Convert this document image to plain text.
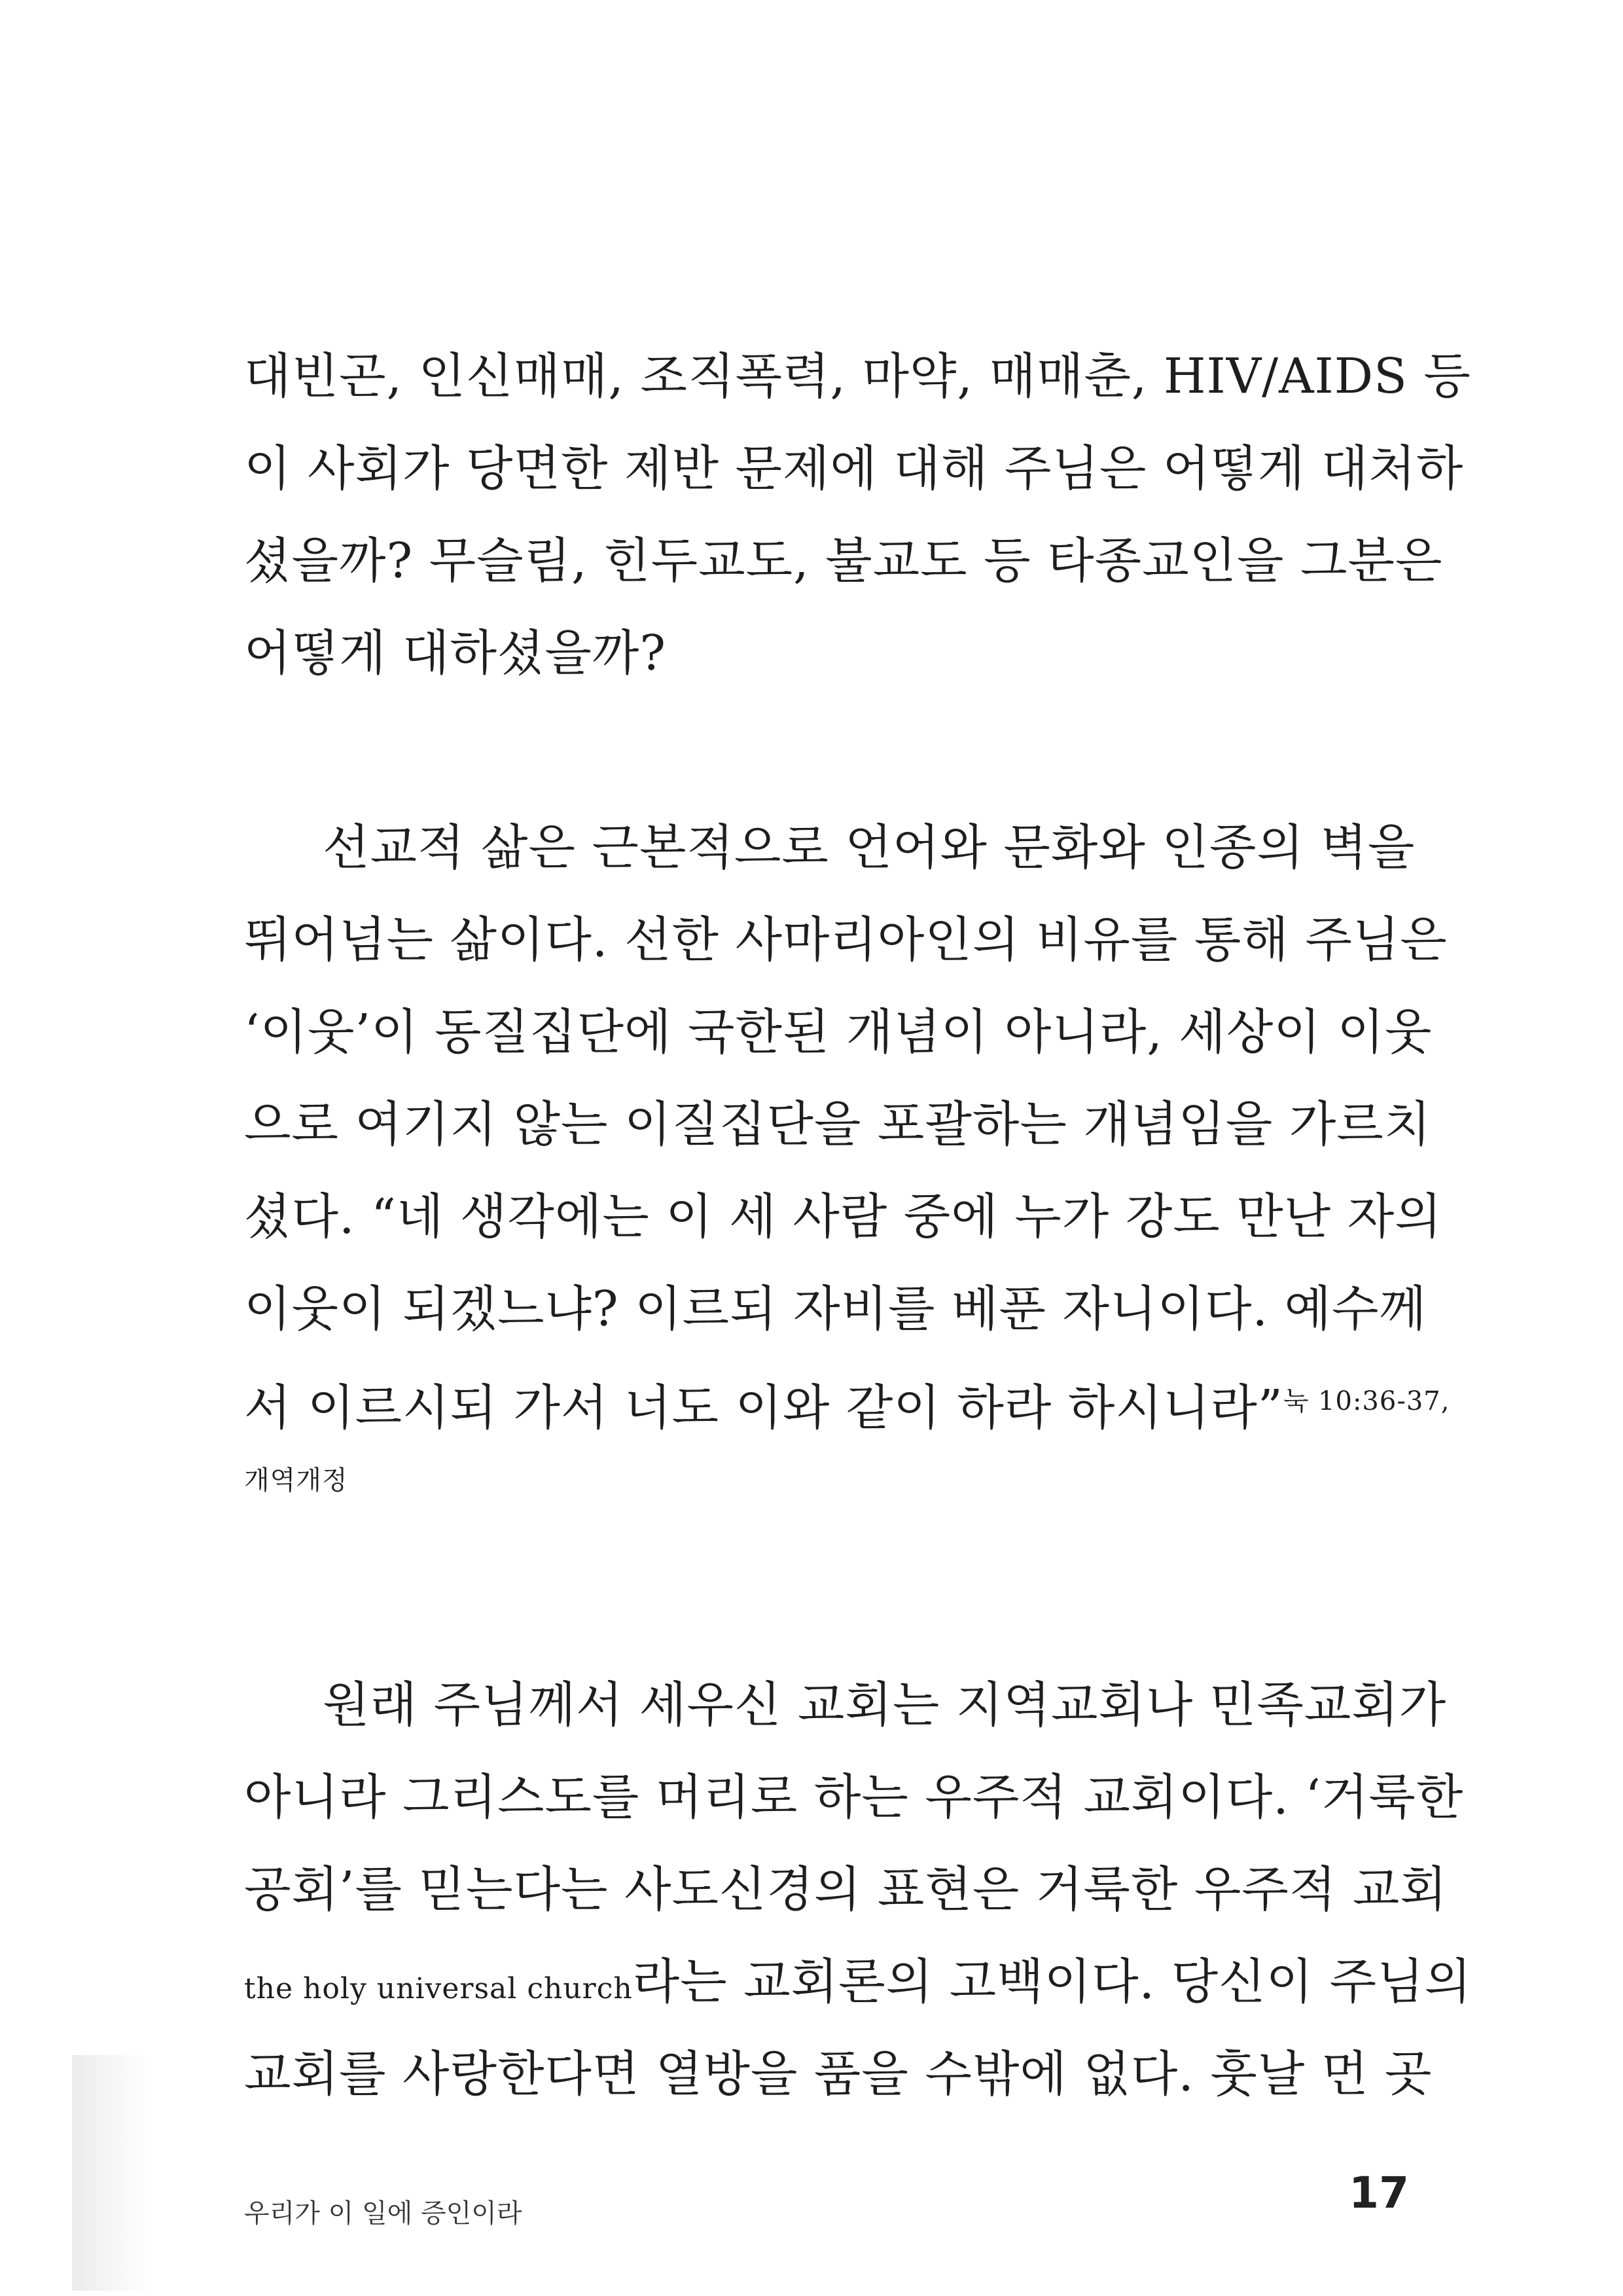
대빈곤, 인신매매, 조직폭력, 마약, 매매춘, HIV/AIDS 등
이 사회가 당면한 제반 문제에 대해 주님은 어떻게 대처하
셨을까? 무슬림, 힌두교도, 불교도 등 타종교인을 그분은
어떻게 대하셨을까?
선교적 삶은 근본적으로 언어와 문화와 인종의 벽을
뛰어넘는 삶이다. 선한 사마리아인의 비유를 통해 주님은
‘이웃’이 동질집단에 국한된 개념이 아니라, 세상이 이웃
으로 여기지 않는 이질집단을 포괄하는 개념임을 가르치
셨다. “네 생각에는 이 세 사람 중에 누가 강도 만난 자의
이웃이 되겠느냐? 이르되 자비를 베푼 자니이다. 예수께
서 이르시되 가서 너도 이와 같이 하라 하시니라”$^{눅 10:36-37,}$
개역개정
원래 주님께서 세우신 교회는 지역교회나 민족교회가
아니라 그리스도를 머리로 하는 우주적 교회이다. ‘거룩한
공회’를 믿는다는 사도신경의 표현은 거룩한 우주적 교회
the holy universal church라는 교회론의 고백이다. 당신이 주님의
교회를 사랑한다면 열방을 품을 수밖에 없다. 훗날 먼 곳
우리가 이 일에 증인이라	17
